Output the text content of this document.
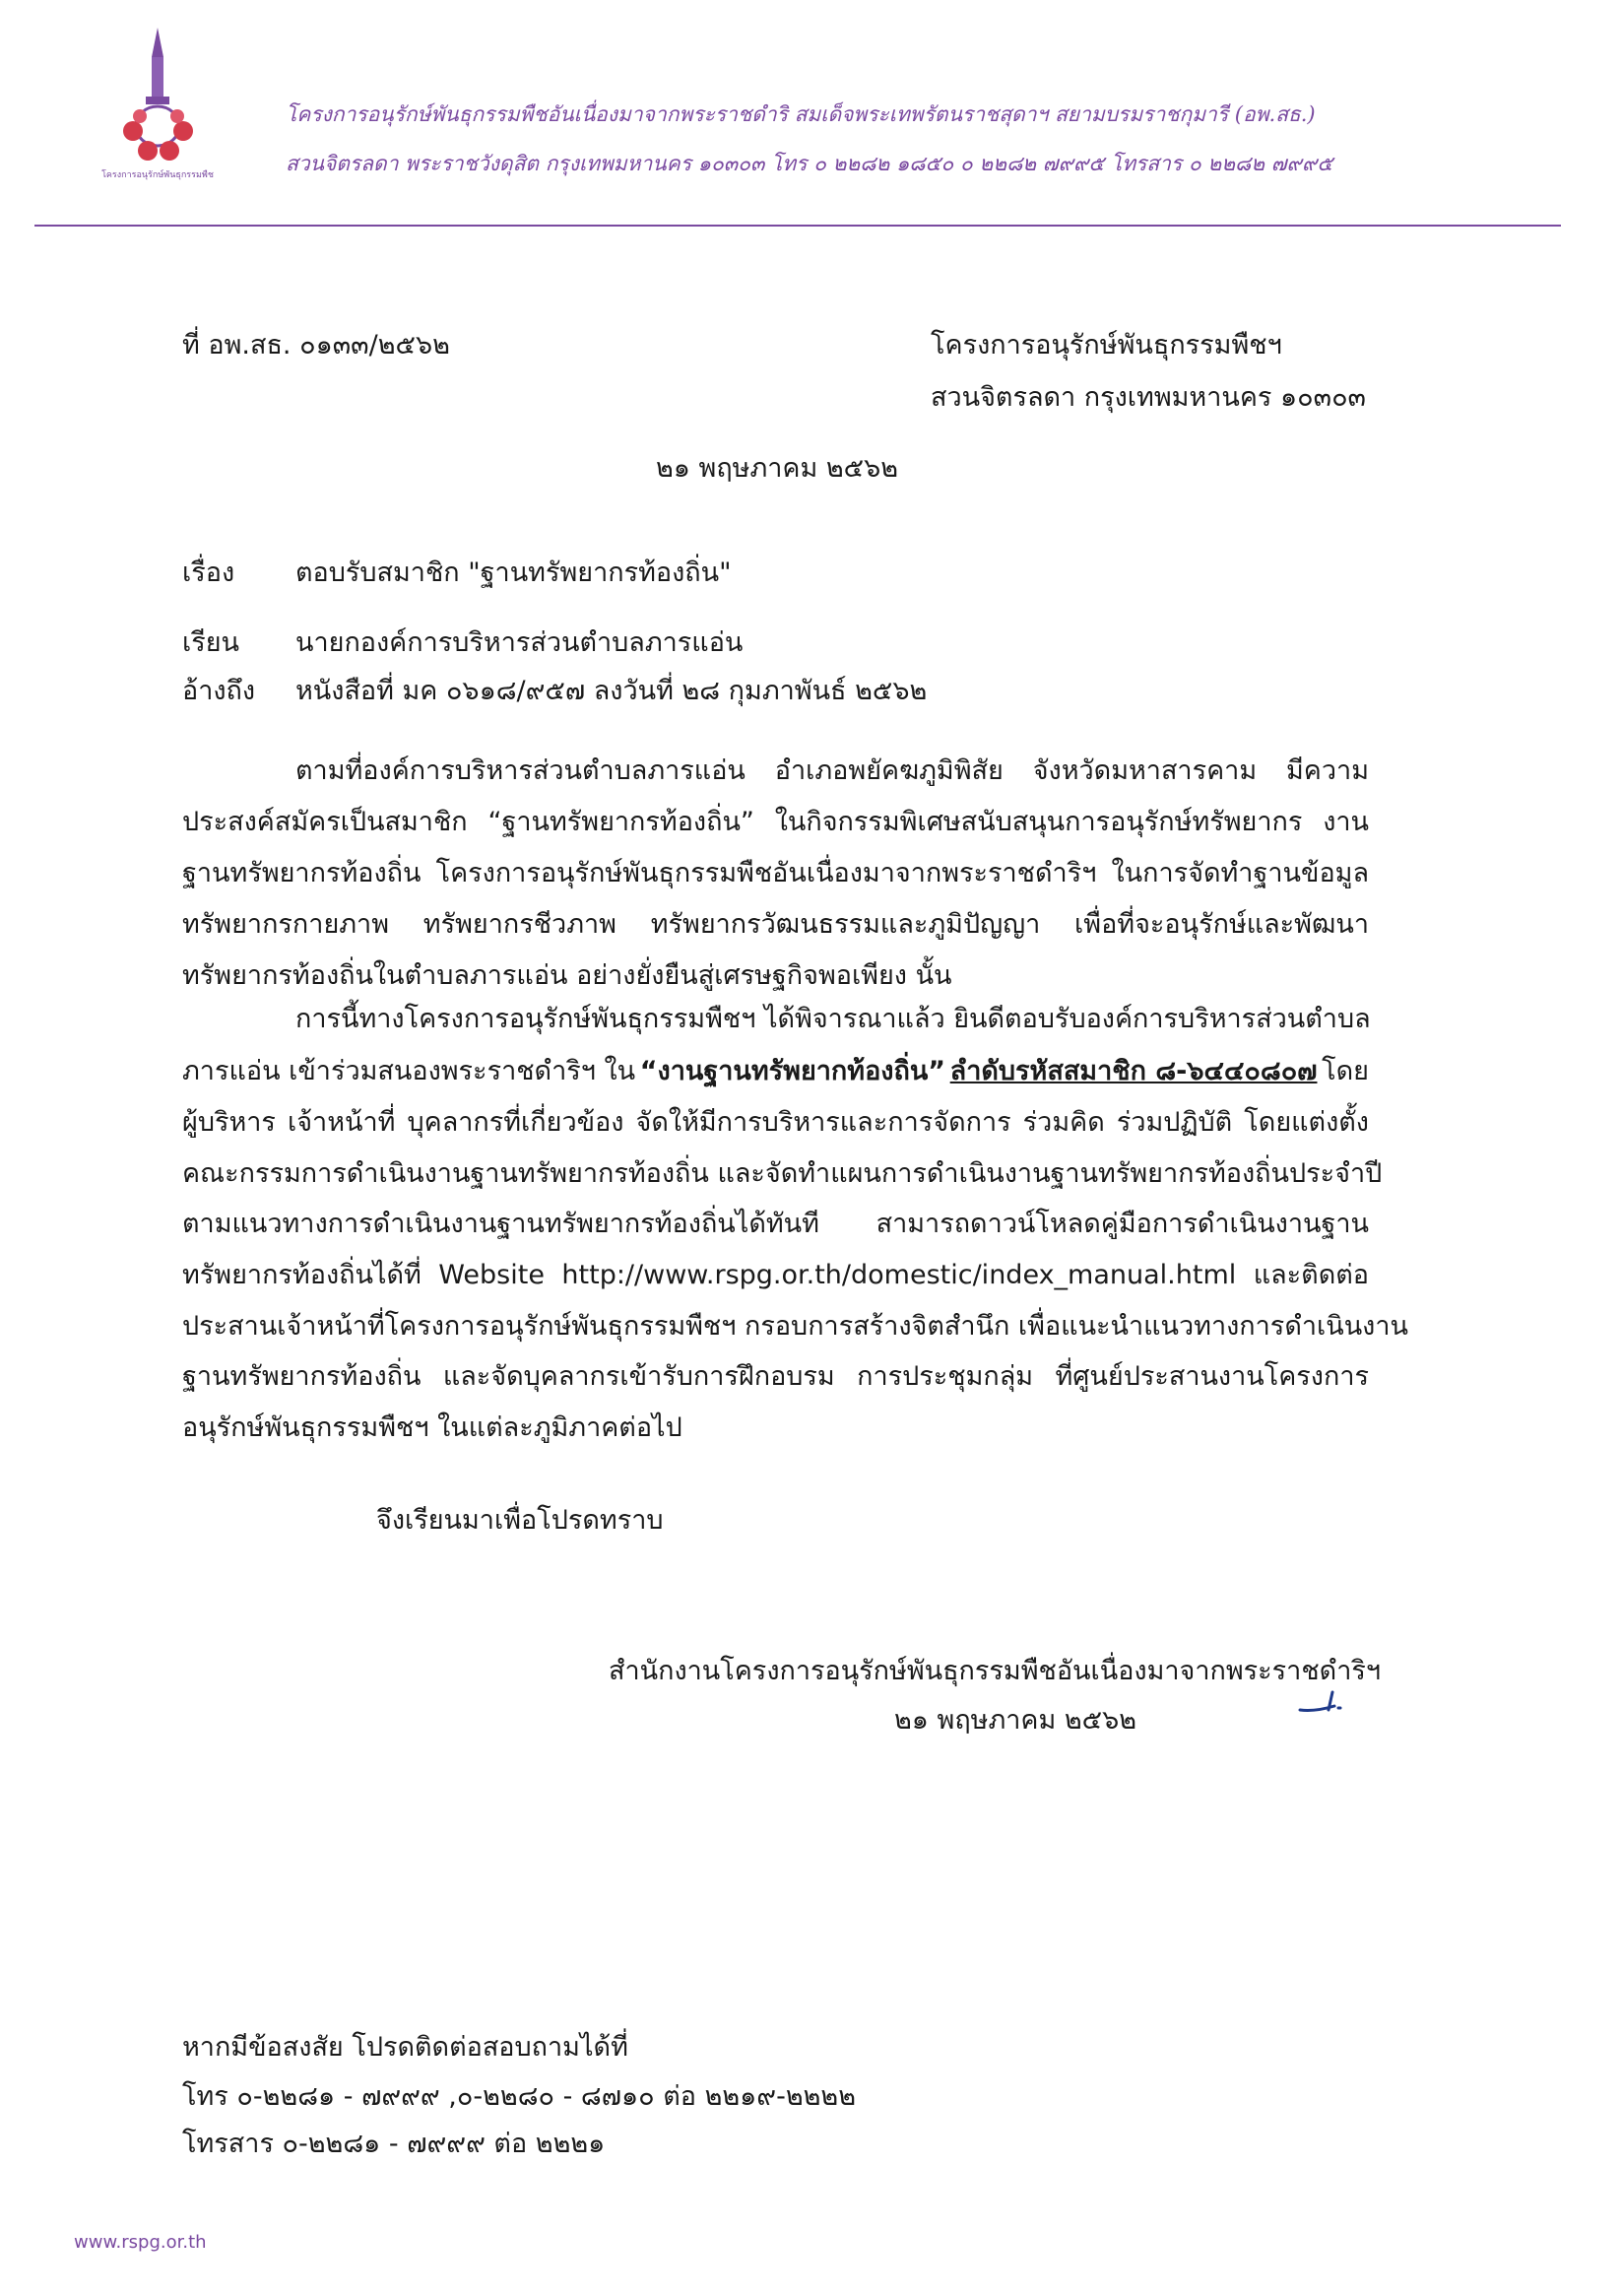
โครงการอนุรักษ์พันธุกรรมพืช
โครงการอนุรักษ์พันธุกรรมพืชอันเนื่องมาจากพระราชดำริ สมเด็จพระเทพรัตนราชสุดาฯ สยามบรมราชกุมารี (อพ.สธ.)
สวนจิตรลดา พระราชวังดุสิต กรุงเทพมหานคร ๑๐๓๐๓ โทร ๐ ๒๒๘๒ ๑๘๕๐ ๐ ๒๒๘๒ ๗๙๙๕ โทรสาร ๐ ๒๒๘๒ ๗๙๙๕
ที่ อพ.สธ. ๐๑๓๓/๒๕๖๒	โครงการอนุรักษ์พันธุกรรมพืชฯ
สวนจิตรลดา กรุงเทพมหานคร ๑๐๓๐๓
๒๑ พฤษภาคม ๒๕๖๒
เรื่อง ตอบรับสมาชิก "ฐานทรัพยากรท้องถิ่น"
เรียน นายกองค์การบริหารส่วนตำบลภารแอ่น
อ้างถึง หนังสือที่ มค ๐๖๑๘/๙๕๗ ลงวันที่ ๒๘ กุมภาพันธ์ ๒๕๖๒
ตามที่องค์การบริหารส่วนตำบลภารแอ่น อำเภอพยัคฆภูมิพิสัย จังหวัดมหาสารคาม มีความ
ประสงค์สมัครเป็นสมาชิก “ฐานทรัพยากรท้องถิ่น” ในกิจกรรมพิเศษสนับสนุนการอนุรักษ์ทรัพยากร งาน
ฐานทรัพยากรท้องถิ่น โครงการอนุรักษ์พันธุกรรมพืชอันเนื่องมาจากพระราชดำริฯ ในการจัดทำฐานข้อมูล
ทรัพยากรกายภาพ ทรัพยากรชีวภาพ ทรัพยากรวัฒนธรรมและภูมิปัญญา เพื่อที่จะอนุรักษ์และพัฒนา
ทรัพยากรท้องถิ่นในตำบลภารแอ่น อย่างยั่งยืนสู่เศรษฐกิจพอเพียง นั้น
การนี้ทางโครงการอนุรักษ์พันธุกรรมพืชฯ ได้พิจารณาแล้ว ยินดีตอบรับองค์การบริหารส่วนตำบล
ภารแอ่น เข้าร่วมสนองพระราชดำริฯ ใน “งานฐานทรัพยากท้องถิ่น” ลำดับรหัสสมาชิก ๘-๖๔๔๐๘๐๗ โดย
ผู้บริหาร เจ้าหน้าที่ บุคลากรที่เกี่ยวข้อง จัดให้มีการบริหารและการจัดการ ร่วมคิด ร่วมปฏิบัติ โดยแต่งตั้ง
คณะกรรมการดำเนินงานฐานทรัพยากรท้องถิ่น และจัดทำแผนการดำเนินงานฐานทรัพยากรท้องถิ่นประจำปี
ตามแนวทางการดำเนินงานฐานทรัพยากรท้องถิ่นได้ทันที สามารถดาวน์โหลดคู่มือการดำเนินงานฐาน
ทรัพยากรท้องถิ่นได้ที่ Website http://www.rspg.or.th/domestic/index_manual.html และติดต่อ
ประสานเจ้าหน้าที่โครงการอนุรักษ์พันธุกรรมพืชฯ กรอบการสร้างจิตสำนึก เพื่อแนะนำแนวทางการดำเนินงาน
ฐานทรัพยากรท้องถิ่น และจัดบุคลากรเข้ารับการฝึกอบรม การประชุมกลุ่ม ที่ศูนย์ประสานงานโครงการ
อนุรักษ์พันธุกรรมพืชฯ ในแต่ละภูมิภาคต่อไป
จึงเรียนมาเพื่อโปรดทราบ
สำนักงานโครงการอนุรักษ์พันธุกรรมพืชอันเนื่องมาจากพระราชดำริฯ
๒๑ พฤษภาคม ๒๕๖๒
หากมีข้อสงสัย โปรดติดต่อสอบถามได้ที่
โทร ๐-๒๒๘๑ - ๗๙๙๙ ,๐-๒๒๘๐ - ๘๗๑๐ ต่อ ๒๒๑๙-๒๒๒๒
โทรสาร ๐-๒๒๘๑ - ๗๙๙๙ ต่อ ๒๒๒๑
www.rspg.or.th
